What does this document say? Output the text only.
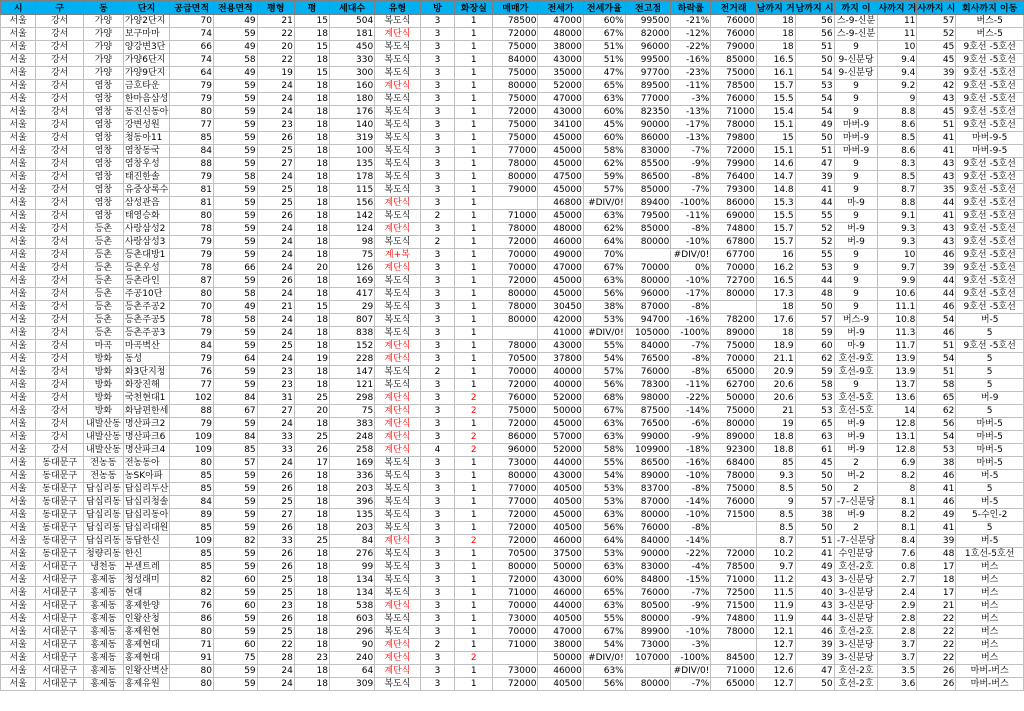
시	구	동	단지	공급면적	전용면적	평형	평	세대수	유형	방	화장실	매매가	전세가	전세가율	전고점	하락률	전거래	남까지 거	남까지 시	까지 이	사까지 거	사까지 시	회사까지 이동
서울	강서	가양	가양2단지	70	49	21	15	504	복도식	3	1	78500	47000	60%	99500	-21%	76000	18	56	스-9-신분	11	57	버스-5
서울	강서	가양	보구마마	74	59	22	18	181	계단식	3	1	72000	48000	67%	82000	-12%	76000	18	56	스-9-신분	11	52	버스-5
서울	강서	가양	양강변3단	66	49	20	15	450	복도식	3	1	75000	38000	51%	96000	-22%	79000	18	51	9	10	45	9호선 -5호선
서울	강서	가양	가양6단지	74	58	22	18	330	복도식	3	1	84000	43000	51%	99500	-16%	85000	16.5	50	9-신분당	9.4	45	9호선 -5호선
서울	강서	가양	가양9단지	64	49	19	15	300	복도식	3	1	75000	35000	47%	97700	-23%	75000	16.1	54	9-신분당	9.4	39	9호선 -5호선
서울	강서	염창	금호타운	79	59	24	18	160	계단식	3	1	80000	52000	65%	89500	-11%	78500	15.7	53	9	9.2	42	9호선 -5호선
서울	강서	염창	한마음삼성	79	59	24	18	180	복도식	3	1	75000	47000	63%	77000	-3%	76000	15.5	54	9	9	43	9호선 -5호선
서울	강서	염창	동진신동아	80	59	24	18	176	복도식	3	1	72000	43000	60%	82350	-13%	71000	15.4	54	9	8.8	45	9호선 -5호선
서울	강서	염창	강변성원	77	59	23	18	140	복도식	3	1	75000	34100	45%	90000	-17%	78000	15.1	49	마버-9	8.6	51	9호선 -5호선
서울	강서	염창	청동아11	85	59	26	18	319	복도식	3	1	75000	45000	60%	86000	-13%	79800	15	50	마버-9	8.5	41	마버-9-5
서울	강서	염창	염창동국	84	59	25	18	100	복도식	3	1	77000	45000	58%	83000	-7%	72000	15.1	51	마버-9	8.6	41	마버-9-5
서울	강서	염창	염창우성	88	59	27	18	135	복도식	3	1	78000	45000	62%	85500	-9%	79900	14.6	47	9	8.3	43	9호선 -5호선
서울	강서	염창	태진한솔	79	58	24	18	178	복도식	3	1	80000	47500	59%	86500	-8%	76400	14.7	39	9	8.5	43	9호선 -5호선
서울	강서	염창	유중상록수	81	59	25	18	115	복도식	3	1	79000	45000	57%	85000	-7%	79300	14.8	41	9	8.7	35	9호선 -5호선
서울	강서	염창	삼성관음	81	59	25	18	156	계단식	3	1		46800	#DIV/0!	89400	-100%	86000	15.3	44	마-9	8.8	44	9호선 -5호선
서울	강서	염창	태영승화	80	59	26	18	142	복도식	2	1	71000	45000	63%	79500	-11%	69000	15.5	55	9	9.1	41	9호선 -5호선
서울	강서	등촌	사랑삼성2	78	59	24	18	124	계단식	3	1	78000	48000	62%	85000	-8%	74800	15.7	52	버-9	9.3	43	9호선 -5호선
서울	강서	등촌	사랑삼성3	79	59	24	18	98	복도식	2	1	72000	46000	64%	80000	-10%	67800	15.7	52	버-9	9.3	43	9호선 -5호선
서울	강서	등촌	등촌대방1	79	59	24	18	75	계+복	3	1	70000	49000	70%		#DIV/0!	67700	16	55	9	10	46	9호선 -5호선
서울	강서	등촌	등촌우성	78	66	24	20	126	계단식	3	1	70000	47000	67%	70000	0%	70000	16.2	53	9	9.7	39	9호선 -5호선
서울	강서	등촌	등촌라인	87	59	26	18	169	복도식	3	1	72000	45000	63%	80000	-10%	72700	16.5	44	9	9.9	44	9호선 -5호선
서울	강서	등촌	주공10단	80	58	24	18	417	복도식	3	1	80000	45000	56%	96000	-17%	80000	17.3	48	9	10.6	44	9호선 -5호선
서울	강서	등촌	등촌주공2	70	49	21	15	29	복도식	3	1	78000	30450	38%	87000	-8%		18	50	9	11.1	46	9호선 -5호선
서울	강서	등촌	등촌주공5	78	58	24	18	807	복도식	3	1	80000	42000	53%	94700	-16%	78200	17.6	57	버스-9	10.8	54	버-5
서울	강서	등촌	등촌주공3	79	59	24	18	838	복도식	3	1		41000	#DIV/0!	105000	-100%	89000	18	59	버-9	11.3	46	5
서울	강서	마곡	마곡벽산	84	59	25	18	152	계단식	3	1	78000	43000	55%	84000	-7%	75000	18.9	60	마-9	11.7	51	9호선 -5호선
서울	강서	방화	동성	79	64	24	19	228	계단식	3	1	70500	37800	54%	76500	-8%	70000	21.1	62	호선-9호	13.9	54	5
서울	강서	방화	화3단지청	76	59	23	18	147	복도식	2	1	70000	40000	57%	76000	-8%	65000	20.9	59	호선-9호	13.9	51	5
서울	강서	방화	화장진해	77	59	23	18	121	복도식	3	1	72000	40000	56%	78300	-11%	62700	20.6	58	9	13.7	58	5
서울	강서	방화	국천현대1	102	84	31	25	298	계단식	3	2	76000	52000	68%	98000	-22%	50000	20.6	53	호선-5호	13.6	65	버-9
서울	강서	방화	화남편한세	88	67	27	20	75	계단식	3	2	75000	50000	67%	87500	-14%	75000	21	53	호선-5호	14	62	5
서울	강서	내발산동	명산파크2	79	59	24	18	383	계단식	3	1	72000	45000	63%	76500	-6%	80000	19	65	버-9	12.8	56	마버-5
서울	강서	내발산동	명산파크6	109	84	33	25	248	계단식	3	2	86000	57000	63%	99000	-9%	89000	18.8	63	버-9	13.1	54	마버-5
서울	강서	내발산동	명산파크4	109	85	33	26	258	계단식	4	2	96000	52000	58%	109900	-18%	92300	18.8	61	버-9	12.8	53	마버-5
서울	동대문구	전농동	전농동아	80	57	24	17	169	복도식	3	1	73000	44000	55%	86500	-16%	68400	85	45	2	6.9	38	마버-5
서울	동대문구	전농동	농SK아파	85	59	26	18	336	복도식	3	1	80000	43000	54%	89000	-10%	78000	9.3	50	버-2	8.2	46	버-5
서울	동대문구	답십리동	답십리두산	85	59	26	18	203	복도식	3	1	77000	40500	53%	83700	-8%	75000	8.5	50	2	8	41	5
서울	동대문구	답십리동	답십리청솔	84	59	25	18	396	복도식	3	1	77000	40500	53%	87000	-14%	76000	9	57	-7-신분당	8.1	46	버-5
서울	동대문구	답십리동	답십리동아	89	59	27	18	135	복도식	3	1	72000	45000	63%	80000	-10%	71500	8.5	38	버-9	8.2	49	5-수인-2
서울	동대문구	답십리동	답십리대원	85	59	26	18	203	복도식	3	1	72000	40500	56%	76000	-8%		8.5	50	2	8.1	41	5
서울	동대문구	답십리동	동답한신	109	82	33	25	84	계단식	3	2	72000	46000	64%	84000	-14%		8.7	51	-7-신분당	8.4	39	버-5
서울	동대문구	청량리동	한신	85	59	26	18	276	복도식	3	1	70500	37500	53%	90000	-22%	72000	10.2	41	수인분당	7.6	48	1호선-5호선
서울	서대문구	냉천동	부센트레	85	59	26	18	99	복도식	3	1	80000	50000	63%	83000	-4%	78500	9.7	49	호선-2호	0.8	17	버스
서울	서대문구	홍제동	청성래미	82	60	25	18	134	복도식	3	1	72000	43000	60%	84800	-15%	71000	11.2	43	3-신분당	2.7	18	버스
서울	서대문구	홍제동	현대	82	59	25	18	134	복도식	3	1	71000	46000	65%	76000	-7%	72500	11.5	40	3-신분당	2.4	17	버스
서울	서대문구	홍제동	홍제한양	76	60	23	18	538	계단식	3	1	70000	44000	63%	80500	-9%	71500	11.9	43	3-신분당	2.9	21	버스
서울	서대문구	홍제동	인왕산청	86	59	26	18	603	복도식	3	1	73000	40500	55%	80000	-9%	74800	11.9	44	3-신분당	2.8	22	버스
서울	서대문구	홍제동	홍제원현	80	59	25	18	296	복도식	3	1	70000	47000	67%	89900	-10%	78000	12.1	46	호선-2호	2.8	22	버스
서울	서대문구	홍제동	홍제현대	71	60	22	18	90	계단식	2	1	71000	38000	54%	73000	-3%		12.7	39	3-신분당	3.7	22	버스
서울	서대문구	홍제동	홍제현대	91	75	28	23	240	계단식	3	2		50000	#DIV/0!	107000	-100%	84500	12.7	39	3-신분당	3.7	22	버스
서울	서대문구	홍제동	인왕산벽산	80	59	24	18	64	계단식	3	1	73000	46000	63%		#DIV/0!	71000	12.6	47	호선-2호	3.5	26	마버-버스
서울	서대문구	홍제동	홍제유원	80	59	24	18	309	복도식	3	1	72000	40500	56%	80000	-7%	65000	12.7	50	호선-2호	3.6	26	마버-버스
